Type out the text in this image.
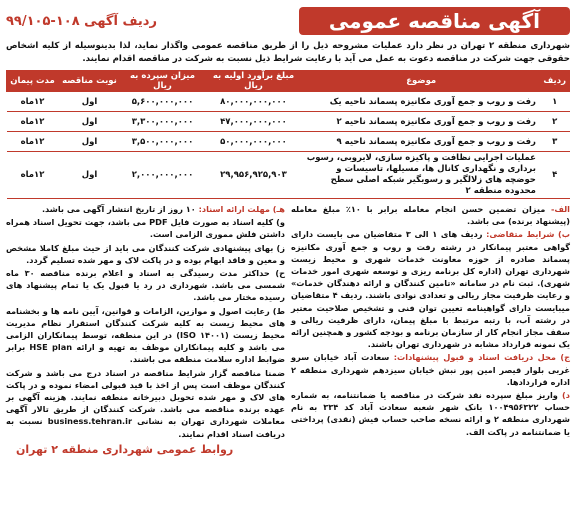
آگهی مناقصه عمومی
ردیف آگهی ۱۰۸-۹۹/۱۰۵
شهرداری منطقه ۲ تهران در نظر دارد عملیات مشروحه ذیل را از طریق مناقصه عمومی واگذار نماید، لذا بدینوسیله از کلیه اشخاص حقوقی جهت شرکت در مناقصه دعوت به عمل می آید با رعایت شرایط ذیل نسبت به شرکت در مناقصه اقدام نمایند.
ردیف	موضوع	مبلغ برآورد اولیه به ریال	میزان سپرده به ریال	نوبت مناقصه	مدت پیمان
۱	رفت و روب و جمع آوری مکانیزه پسماند ناحیه یک	۸۰,۰۰۰,۰۰۰,۰۰۰	۵,۶۰۰,۰۰۰,۰۰۰	اول	۱۲ماه
۲	رفت و روب و جمع آوری مکانیزه پسماند ناحیه ۲	۴۷,۰۰۰,۰۰۰,۰۰۰	۳,۳۰۰,۰۰۰,۰۰۰	اول	۱۲ماه
۳	رفت و روب و جمع آوری مکانیزه پسماند ناحیه ۹	۵۰,۰۰۰,۰۰۰,۰۰۰	۳,۵۰۰,۰۰۰,۰۰۰	اول	۱۲ماه
۴	عملیات اجرایی نظافت و پاکیزه سازی، لایروبی، رسوب برداری و نگهداری کانال ها، مسیلها، تاسیسات و حوضچه های زلالگیر و رسوبگیر شبکه اصلی سطح محدوده منطقه ۲	۲۹,۹۵۶,۹۲۵,۹۰۳	۲,۰۰۰,۰۰۰,۰۰۰	اول	۱۲ماه

الف- میزان تضمین حسن انجام معامله برابر با ۱۰٪ مبلغ معامله (پیشنهاد برنده) می باشد.

ب) شرایط متقاضی: ردیف های ۱ الی ۳ متقاضیان می بایست دارای گواهی معتبر پیمانکار در رشته رفت و روب و جمع آوری مکانیزه پسماند صادره از حوزه معاونت خدمات شهری و محیط زیست شهرداری تهران (اداره کل برنامه ریزی و توسعه شهری امور خدمات شهری). ثبت نام در سامانه «تامین کنندگان و ارائه دهندگان خدمات» و رعایت ظرفیت مجاز ریالی و تعدادی نوادی باشند. ردیف ۴ متقاضیان میبایست دارای گواهینامه تعیین توان فنی و تشخیص صلاحیت معتبر در رشته آب، با رتبه مرتبط با مبلغ پیمان، دارای ظرفیت ریالی و سقف مجاز انجام کار از سازمان برنامه و بودجه کشور و همچنین ارائه یک نمونه قرارداد مشابه در شهرداری تهران باشند.

ج) محل دریافت اسناد و قبول پیشنهادات: سعادت آباد خیابان سرو غربی بلوار قیصر امین پور نبش خیابان سیزدهم شهرداری منطقه ۲ اداره قراردادها.

د) واریز مبلغ سپرده نقد شرکت در مناقصه یا ضمانتنامه، به شماره حساب ۱۰۰۴۹۵۶۳۲۲ بانک شهر شعبه سعادت آباد کد ۳۳۴ به نام شهرداری منطقه ۲ و ارائه نسخه صاحب حساب فیش (نقدی) پرداختی یا ضمانتنامه در پاکت الف.

هـ) مهلت ارائه اسناد: ۱۰ روز از تاریخ انتشار آگهی می باشد.

و) کلیه اسناد به صورت فایل PDF می باشد، جهت تحویل اسناد همراه داشتن فلش مموری الزامی است.

ز) بهای پیشنهادی شرکت کنندگان می باید از حیث مبلغ کاملا مشخص و معین و فاقد ابهام بوده و در پاکت لاک و مهر شده تسلیم گردد.

ح) حداکثر مدت رسیدگی به اسناد و اعلام برنده مناقصه ۳۰ ماه شمسی می باشد. شهرداری در رد یا قبول یک یا تمام پیشنهاد های رسیده مختار می باشد.

ط) رعایت اصول و موازین، الزامات و قوانین، آیین نامه ها و بخشنامه های محیط زیست به کلیه شرکت کنندگان استقرار نظام مدیریت محیط زیست (ISO ۱۴۰۰۱) در این منطقه، توسط پیمانکاران الزامی می باشد و کلیه پیمانکاران موظف به تهیه و ارائه HSE plan برابر ضوابط اداره سلامت منطقه می باشند.

ضمنا مناقصه گزار شرایط مناقصه در اسناد درج می باشد و شرکت کنندگان موظف است پس از اخذ با قید قبولی امضاء نموده و در پاکت های لاک و مهر شده تحویل دبیرخانه منطقه نمایند. هزینه آگهی بر عهده برنده مناقصه می باشد. شرکت کنندگان از طریق تالار آگهی معاملات شهرداری تهران به نشانی business.tehran.ir نسبت به دریافت اسناد اقدام نمایند.

روابط عمومی شهرداری منطقه ۲ تهران
